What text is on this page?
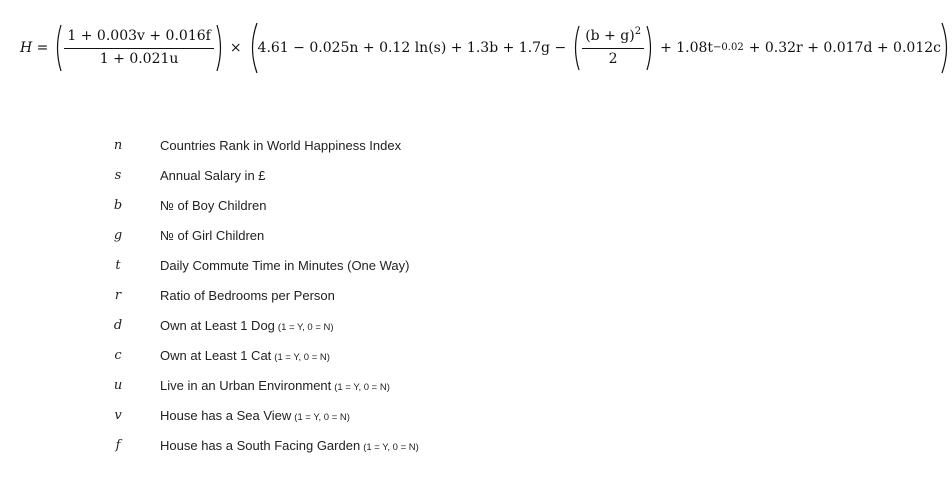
$H = \frac{1 + 0.003v + 0.016f}{1 + 0.021u} \times 4.61 - 0.025n + 0.12$ $\ln(s) + 1.3b + 1.7g - \frac{(b + g)^2}{2} + 1.08t -0.02 + 0.32r + 0.017d + 0.012c$
n	Countries Rank in World Happiness Index
s	Annual Salary in £
b	№ of Boy Children
g	№ of Girl Children
t	Daily Commute Time in Minutes (One Way)
r	Ratio of Bedrooms per Person
d	Own at Least 1 Dog (1 = Y, 0 = N)
c	Own at Least 1 Cat (1 = Y, 0 = N)
u	Live in an Urban Environment (1 = Y, 0 = N)
v	House has a Sea View (1 = Y, 0 = N)
f	House has a South Facing Garden (1 = Y, 0 = N)
